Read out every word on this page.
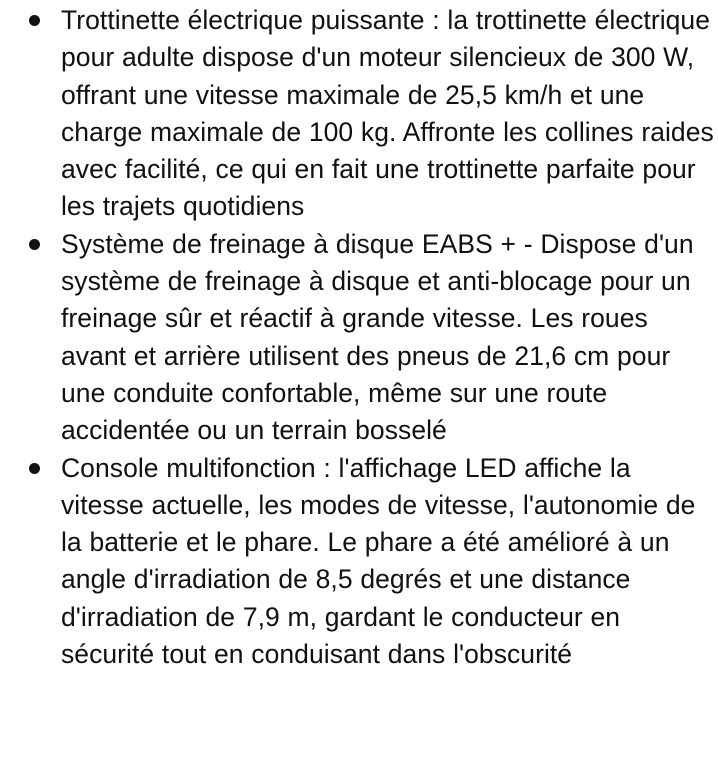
Trottinette électrique puissante : la trottinette électrique pour adulte dispose d'un moteur silencieux de 300 W, offrant une vitesse maximale de 25,5 km/h et une charge maximale de 100 kg. Affronte les collines raides avec facilité, ce qui en fait une trottinette parfaite pour les trajets quotidiens
Système de freinage à disque EABS + - Dispose d'un système de freinage à disque et anti-blocage pour un freinage sûr et réactif à grande vitesse. Les roues avant et arrière utilisent des pneus de 21,6 cm pour une conduite confortable, même sur une route accidentée ou un terrain bosselé
Console multifonction : l'affichage LED affiche la vitesse actuelle, les modes de vitesse, l'autonomie de la batterie et le phare. Le phare a été amélioré à un angle d'irradiation de 8,5 degrés et une distance d'irradiation de 7,9 m, gardant le conducteur en sécurité tout en conduisant dans l'obscurité
